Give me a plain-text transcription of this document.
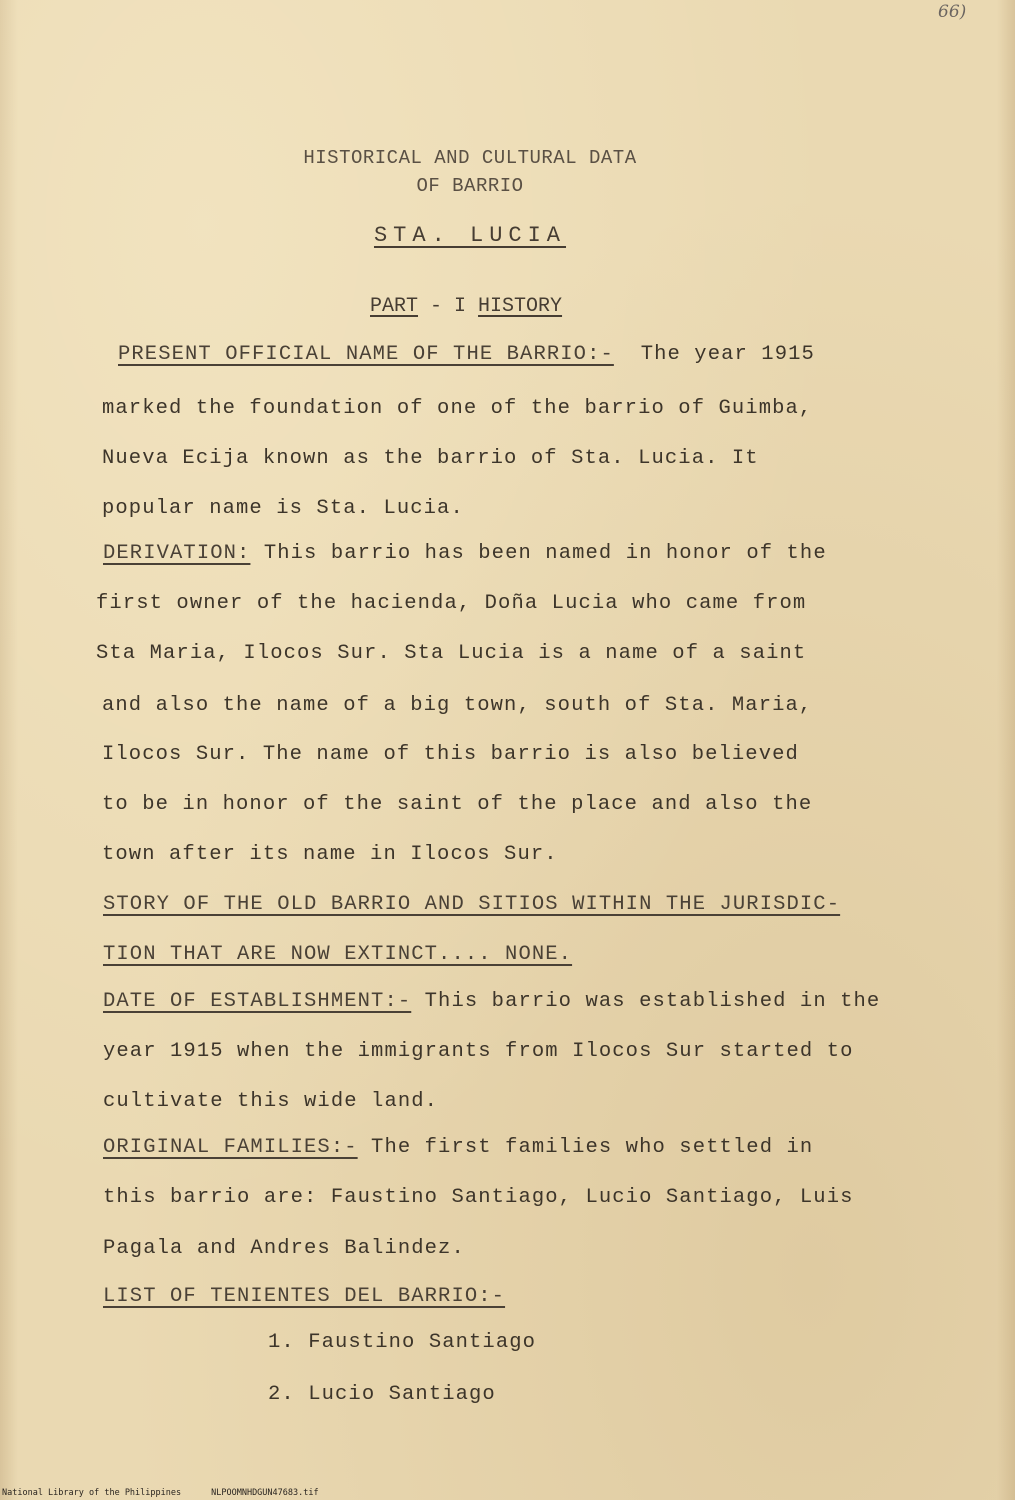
66)
HISTORICAL AND CULTURAL DATA
OF BARRIO
STA. LUCIA
PART - I HISTORY
PRESENT OFFICIAL NAME OF THE BARRIO:- The year 1915
marked the foundation of one of the barrio of Guimba,
Nueva Ecija known as the barrio of Sta. Lucia. It
popular name is Sta. Lucia.
DERIVATION: This barrio has been named in honor of the
first owner of the hacienda, Doña Lucia who came from
Sta Maria, Ilocos Sur. Sta Lucia is a name of a saint
and also the name of a big town, south of Sta. Maria,
Ilocos Sur. The name of this barrio is also believed
to be in honor of the saint of the place and also the
town after its name in Ilocos Sur.
STORY OF THE OLD BARRIO AND SITIOS WITHIN THE JURISDIC-
TION THAT ARE NOW EXTINCT.... NONE.
DATE OF ESTABLISHMENT:- This barrio was established in the
year 1915 when the immigrants from Ilocos Sur started to
cultivate this wide land.
ORIGINAL FAMILIES:- The first families who settled in
this barrio are: Faustino Santiago, Lucio Santiago, Luis
Pagala and Andres Balindez.
LIST OF TENIENTES DEL BARRIO:-
1. Faustino Santiago
2. Lucio Santiago
National Library of the Philippines	NLPOOMNHDGUN47683.tif
